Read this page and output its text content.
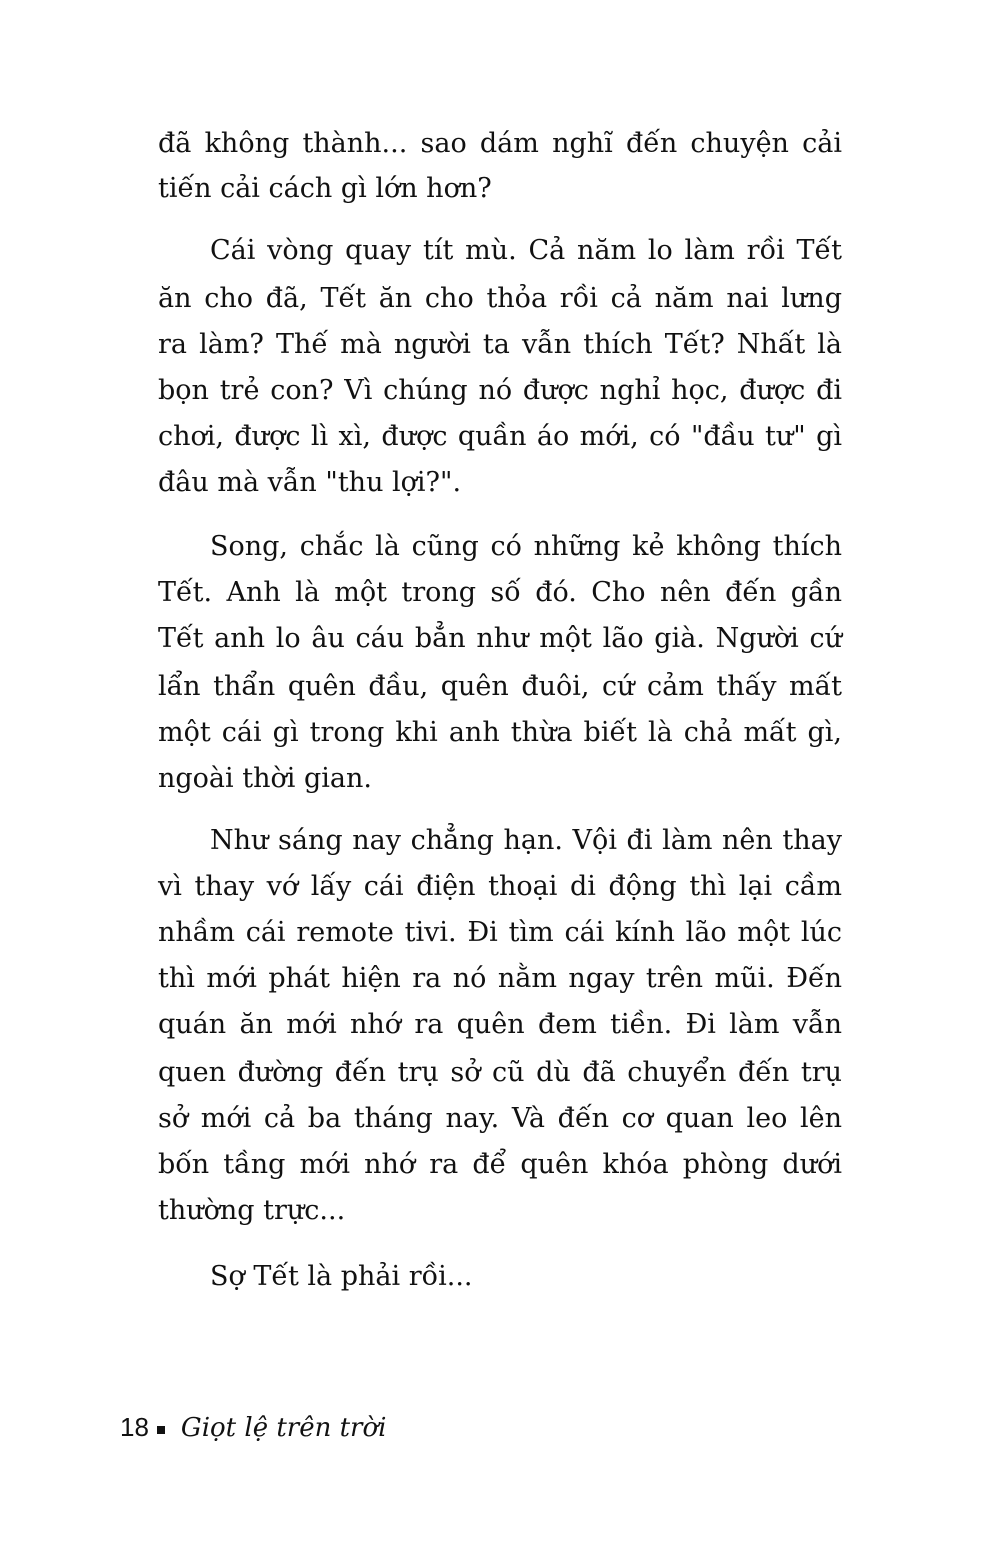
18 Giọt lệ trên trời
đã không thành... sao dám nghĩ đến chuyện cải
tiến cải cách gì lớn hơn?
Cái vòng quay tít mù. Cả năm lo làm rồi Tết
ăn cho đã, Tết ăn cho thỏa rồi cả năm nai lưng
ra làm? Thế mà người ta vẫn thích Tết? Nhất là
bọn trẻ con? Vì chúng nó được nghỉ học, được đi
chơi, được lì xì, được quần áo mới, có "đầu tư" gì
đâu mà vẫn "thu lợi?".
Song, chắc là cũng có những kẻ không thích
Tết. Anh là một trong số đó. Cho nên đến gần
Tết anh lo âu cáu bẳn như một lão già. Người cứ
lẩn thẩn quên đầu, quên đuôi, cứ cảm thấy mất
một cái gì trong khi anh thừa biết là chả mất gì,
ngoài thời gian.
Như sáng nay chẳng hạn. Vội đi làm nên thay
vì thay vớ lấy cái điện thoại di động thì lại cầm
nhầm cái remote tivi. Đi tìm cái kính lão một lúc
thì mới phát hiện ra nó nằm ngay trên mũi. Đến
quán ăn mới nhớ ra quên đem tiền. Đi làm vẫn
quen đường đến trụ sở cũ dù đã chuyển đến trụ
sở mới cả ba tháng nay. Và đến cơ quan leo lên
bốn tầng mới nhớ ra để quên khóa phòng dưới
thường trực...
Sợ Tết là phải rồi...
